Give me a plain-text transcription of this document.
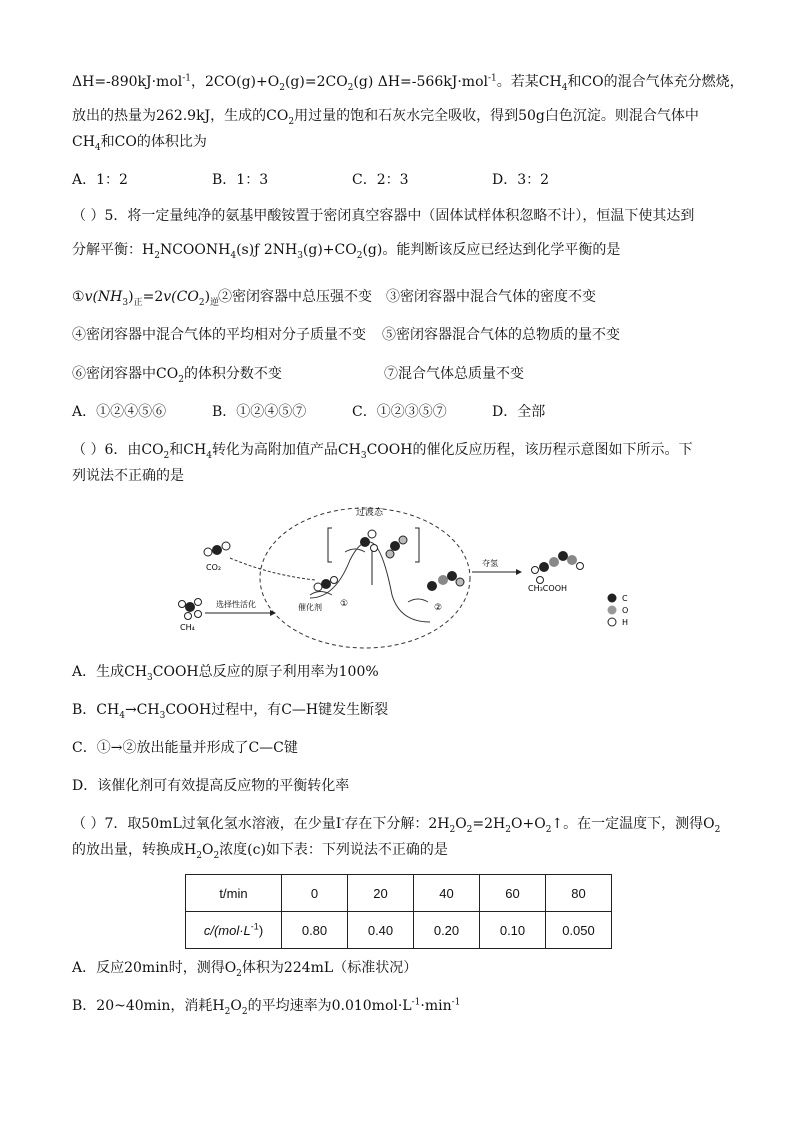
ΔH=-890kJ·mol$^{-1}$，$2CO(g)+O_2(g)=2CO_2(g)$ ΔH=-566kJ·mol$^{-1}$。若某$CH_4$和CO的混合气体充分燃烧，
放出的热量为262.9kJ，生成的$CO_2$用过量的饱和石灰水完全吸收，得到50g白色沉淀。则混合气体中
$CH_4$和CO的体积比为
A．1：2	B．1：3	C．2：3	D．3：2
（ ）5．将一定量纯净的氨基甲酸铵置于密闭真空容器中（固体试样体积忽略不计），恒温下使其达到
分解平衡：$H_2NCOONH_4(s)ƒ$ $2NH_3(g)+CO_2(g)$。能判断该反应已经达到化学平衡的是
$①v(NH_3)_正=2v(CO_2)_逆$
②密闭容器中总压强不变 ③密闭容器中混合气体的密度不变
④密闭容器中混合气体的平均相对分子质量不变 ⑤密闭容器混合气体的总物质的量不变
⑥密闭容器中$CO_2$的体积分数不变	⑦混合气体总质量不变
A．①②④⑤⑥	B．①②④⑤⑦	C．①②③⑤⑦	D．全部
（ ）6．由$CO_2$和$CH_4$转化为高附加值产品$CH_3COOH$的催化反应历程，该历程示意图如下所示。下
列说法不正确的是
过渡态
CO₂
CH₄
选择性活化	催化剂 ①	②
夺氢
CH₃COOH
C
O
H
A．生成$CH_3COOH$总反应的原子利用率为100%
B．$CH_4\to CH_3COOH$过程中，有C—H键发生断裂
C．①→②放出能量并形成了C—C键
D．该催化剂可有效提高反应物的平衡转化率
（ ）7．取50mL过氧化氢水溶液，在少量I-存在下分解：$2H_2O_2=2H_2O+O_2↑$。在一定温度下，测得$O_2$
的放出量，转换成$H_2O_2$浓度(c)如下表：下列说法不正确的是
t/min	0	20	40	60	80
$c/(mol\cdot L^{-1})$	0.80	0.40	0.20	0.10	0.050
A．反应20min时，测得$O_2$体积为224mL（标准状况）
B．20~40min，消耗$H_2O_2$的平均速率为$0.010mol\cdot L^{-1}\cdot\min^{-1}$
